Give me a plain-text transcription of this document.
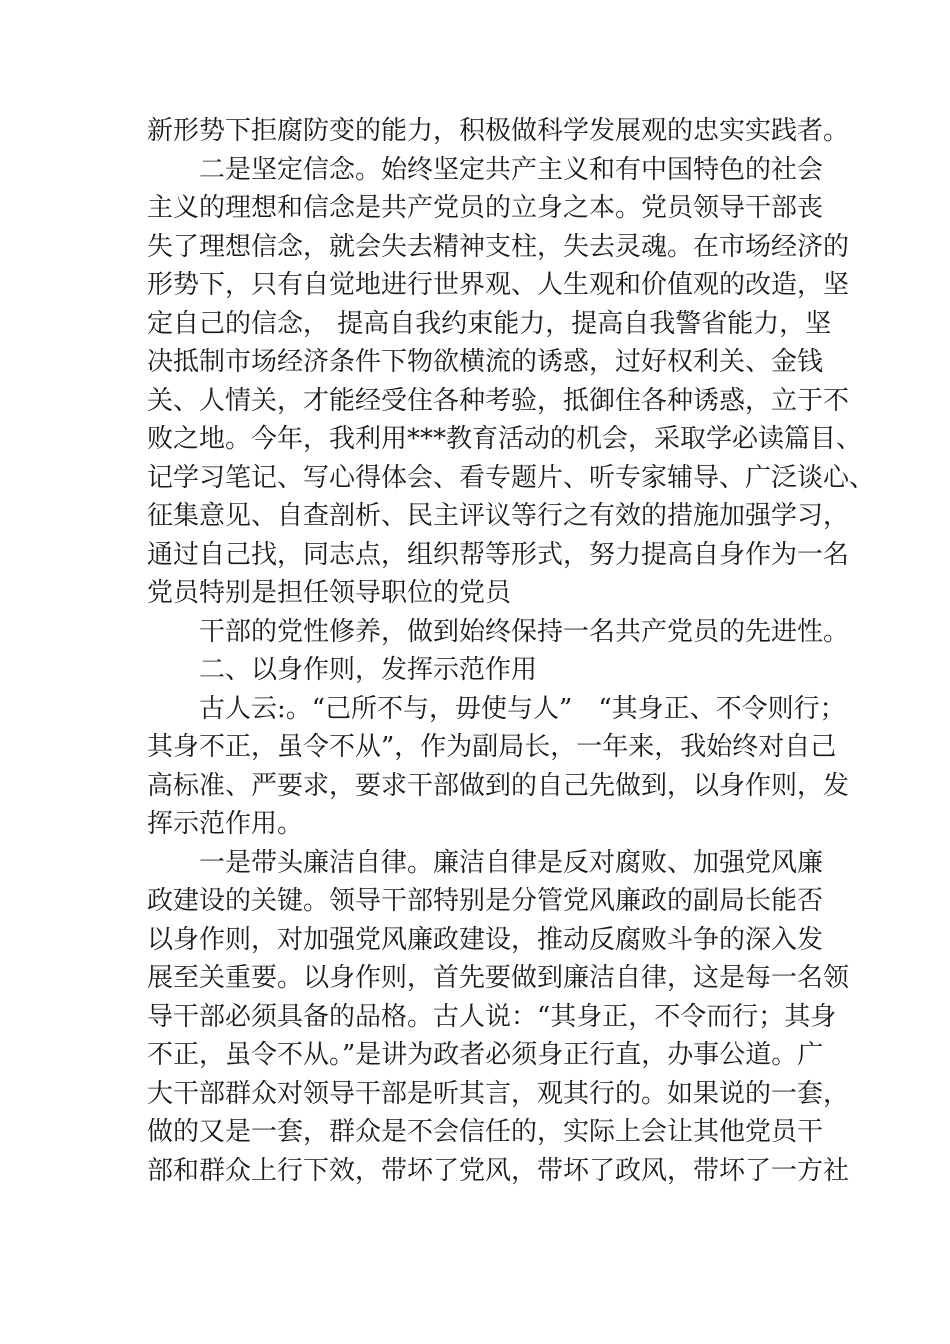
新形势下拒腐防变的能力，积极做科学发展观的忠实实践者。
二是坚定信念。始终坚定共产主义和有中国特色的社会
主义的理想和信念是共产党员的立身之本。党员领导干部丧
失了理想信念，就会失去精神支柱，失去灵魂。在市场经济的
形势下，只有自觉地进行世界观、人生观和价值观的改造，坚
定自己的信念， 提高自我约束能力，提高自我警省能力，坚
决抵制市场经济条件下物欲横流的诱惑，过好权利关、金钱
关、人情关，才能经受住各种考验，抵御住各种诱惑，立于不
败之地。今年，我利用***教育活动的机会，采取学必读篇目、
记学习笔记、写心得体会、看专题片、听专家辅导、广泛谈心、
征集意见、自查剖析、民主评议等行之有效的措施加强学习，
通过自己找，同志点，组织帮等形式，努力提高自身作为一名
党员特别是担任领导职位的党员
干部的党性修养，做到始终保持一名共产党员的先进性。
二、以身作则，发挥示范作用
古人云:。“己所不与，毋使与人”　“其身正、不令则行；
其身不正，虽令不从”，作为副局长，一年来，我始终对自己
高标准、严要求，要求干部做到的自己先做到，以身作则，发
挥示范作用。
一是带头廉洁自律。廉洁自律是反对腐败、加强党风廉
政建设的关键。领导干部特别是分管党风廉政的副局长能否
以身作则，对加强党风廉政建设，推动反腐败斗争的深入发
展至关重要。以身作则，首先要做到廉洁自律，这是每一名领
导干部必须具备的品格。古人说：“其身正，不令而行；其身
不正，虽令不从。”是讲为政者必须身正行直，办事公道。广
大干部群众对领导干部是听其言，观其行的。如果说的一套，
做的又是一套，群众是不会信任的，实际上会让其他党员干
部和群众上行下效，带坏了党风，带坏了政风，带坏了一方社
